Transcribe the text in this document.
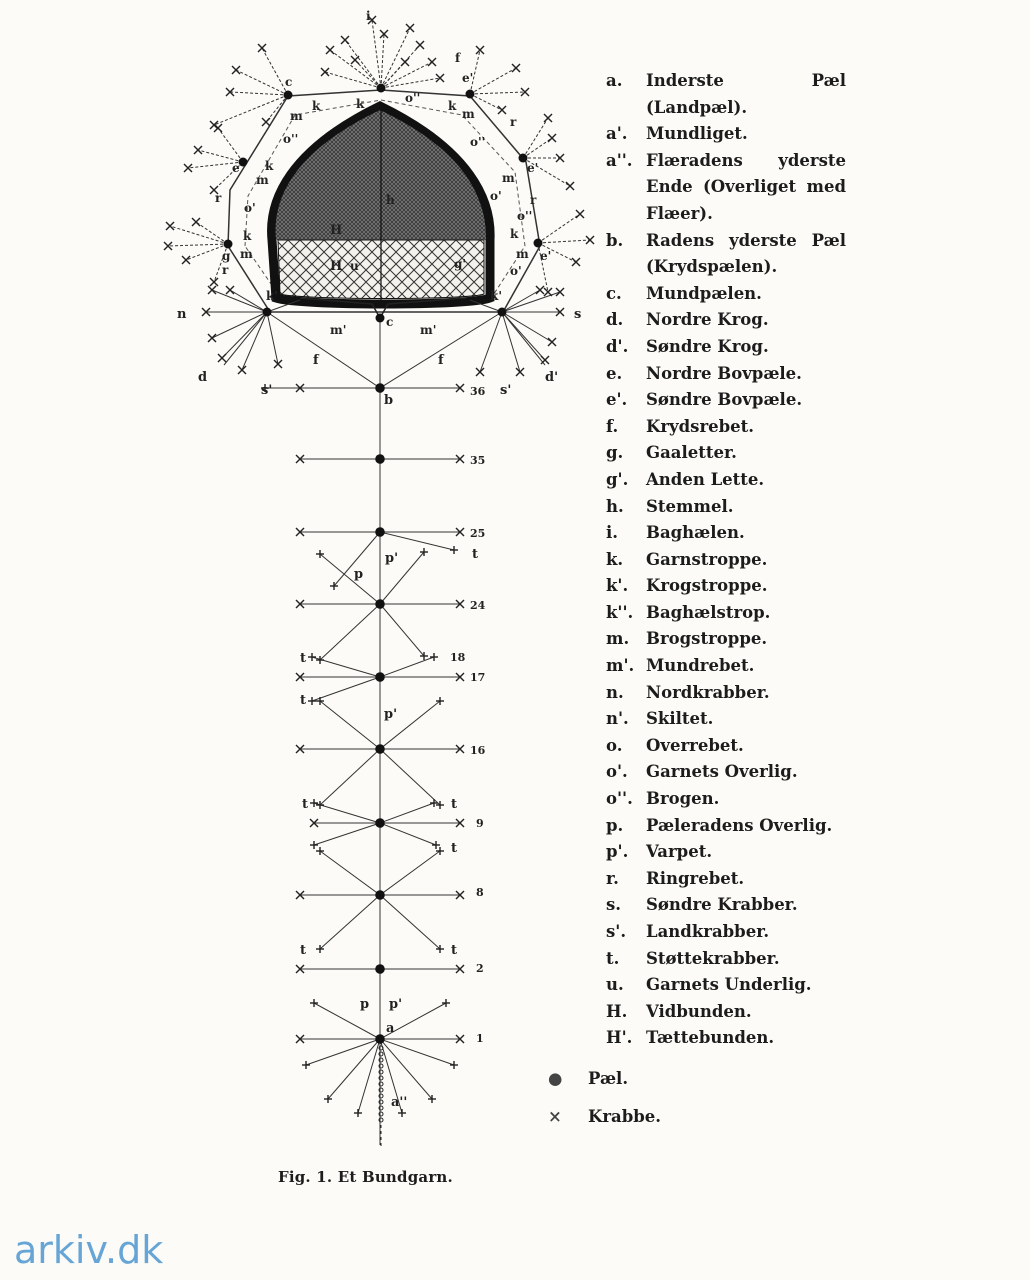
i
c	e'
f
k	k	k
k
k	k
k'	k'
e	e'
e'
g
m	m
m	m
m	m
o''
o''
o''
o''
o'
o'
o'
r
r
r
r
g'
h
u
H
H
m'	m'
c
n	s
d	d'
f	f
s'	s'
b
p
p'
p'
p p'
a
a''
t
t
t
t	t
t
t	t
36
35
25
24
18
17
16
9
8
2
1
a.	Inderste Pæl (Landpæl).
a'.	Mundliget.
a''. Flæradens yderste Ende (Overliget med Flæer).
b.	Radens yderste Pæl (Krydspælen).
c.	Mundpælen.
d.	Nordre Krog.
d'.	Søndre Krog.
e.	Nordre Bovpæle.
e'.	Søndre Bovpæle.
f.	Krydsrebet.
g.	Gaaletter.
g'.	Anden Lette.
h.	Stemmel.
i.	Baghælen.
k.	Garnstroppe.
k'.	Krogstroppe.
k''. Baghælstrop.
m.	Brogstroppe.
m'. Mundrebet.
n.	Nordkrabber.
n'.	Skiltet.
o.	Overrebet.
o'.	Garnets Overlig.
o''. Brogen.
p.	Pæleradens Overlig.
p'.	Varpet.
r.	Ringrebet.
s.	Søndre Krabber.
s'.	Landkrabber.
t.	Støttekrabber.
u.	Garnets Underlig.
H.	Vidbunden.
H'. Tættebunden.
●	Pæl.
×	Krabbe.
Fig. 1. Et Bundgarn.
arkiv.dk
